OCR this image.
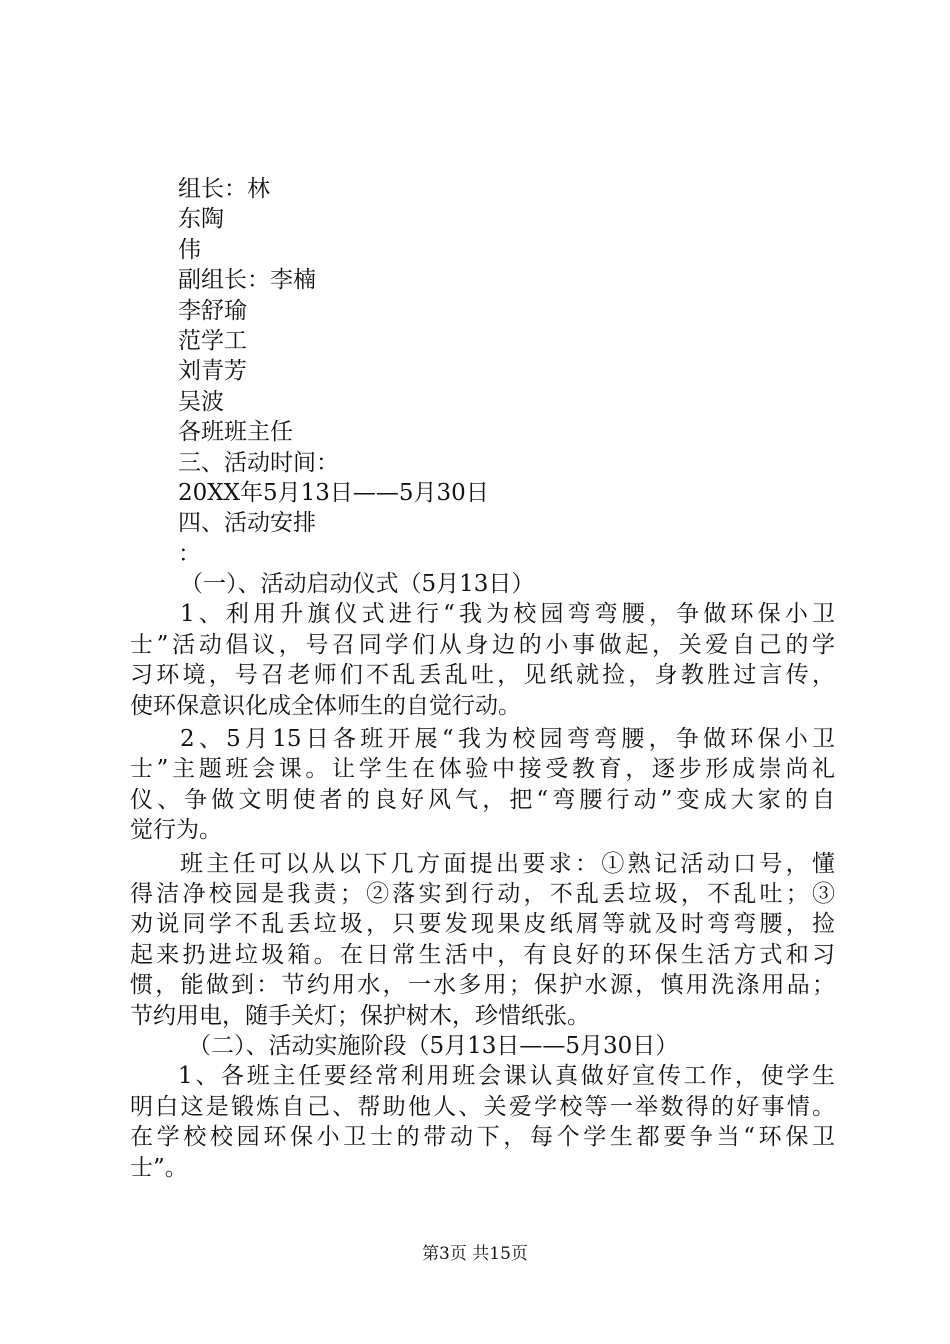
组长：林
东陶
伟
副组长：李楠
李舒瑜
范学工
刘青芳
吴波
各班班主任
三、活动时间：
20XX年5月13日——5月30日
四、活动安排
：
（一）、活动启动仪式（5月13日）
1、利用升旗仪式进行“我为校园弯弯腰，争做环保小卫
士”活动倡议，号召同学们从身边的小事做起，关爱自己的学
习环境，号召老师们不乱丢乱吐，见纸就捡，身教胜过言传，
使环保意识化成全体师生的自觉行动。
2、5月15日各班开展“我为校园弯弯腰，争做环保小卫
士”主题班会课。让学生在体验中接受教育，逐步形成崇尚礼
仪、争做文明使者的良好风气，把“弯腰行动”变成大家的自
觉行为。
班主任可以从以下几方面提出要求：①熟记活动口号，懂
得洁净校园是我责；②落实到行动，不乱丢垃圾，不乱吐；③
劝说同学不乱丢垃圾，只要发现果皮纸屑等就及时弯弯腰，捡
起来扔进垃圾箱。在日常生活中，有良好的环保生活方式和习
惯，能做到：节约用水，一水多用；保护水源，慎用洗涤用品；
节约用电，随手关灯；保护树木，珍惜纸张。
（二）、活动实施阶段（5月13日——5月30日）
1、各班主任要经常利用班会课认真做好宣传工作，使学生
明白这是锻炼自己、帮助他人、关爱学校等一举数得的好事情。
在学校校园环保小卫士的带动下，每个学生都要争当“环保卫
士”。
第3页 共15页
